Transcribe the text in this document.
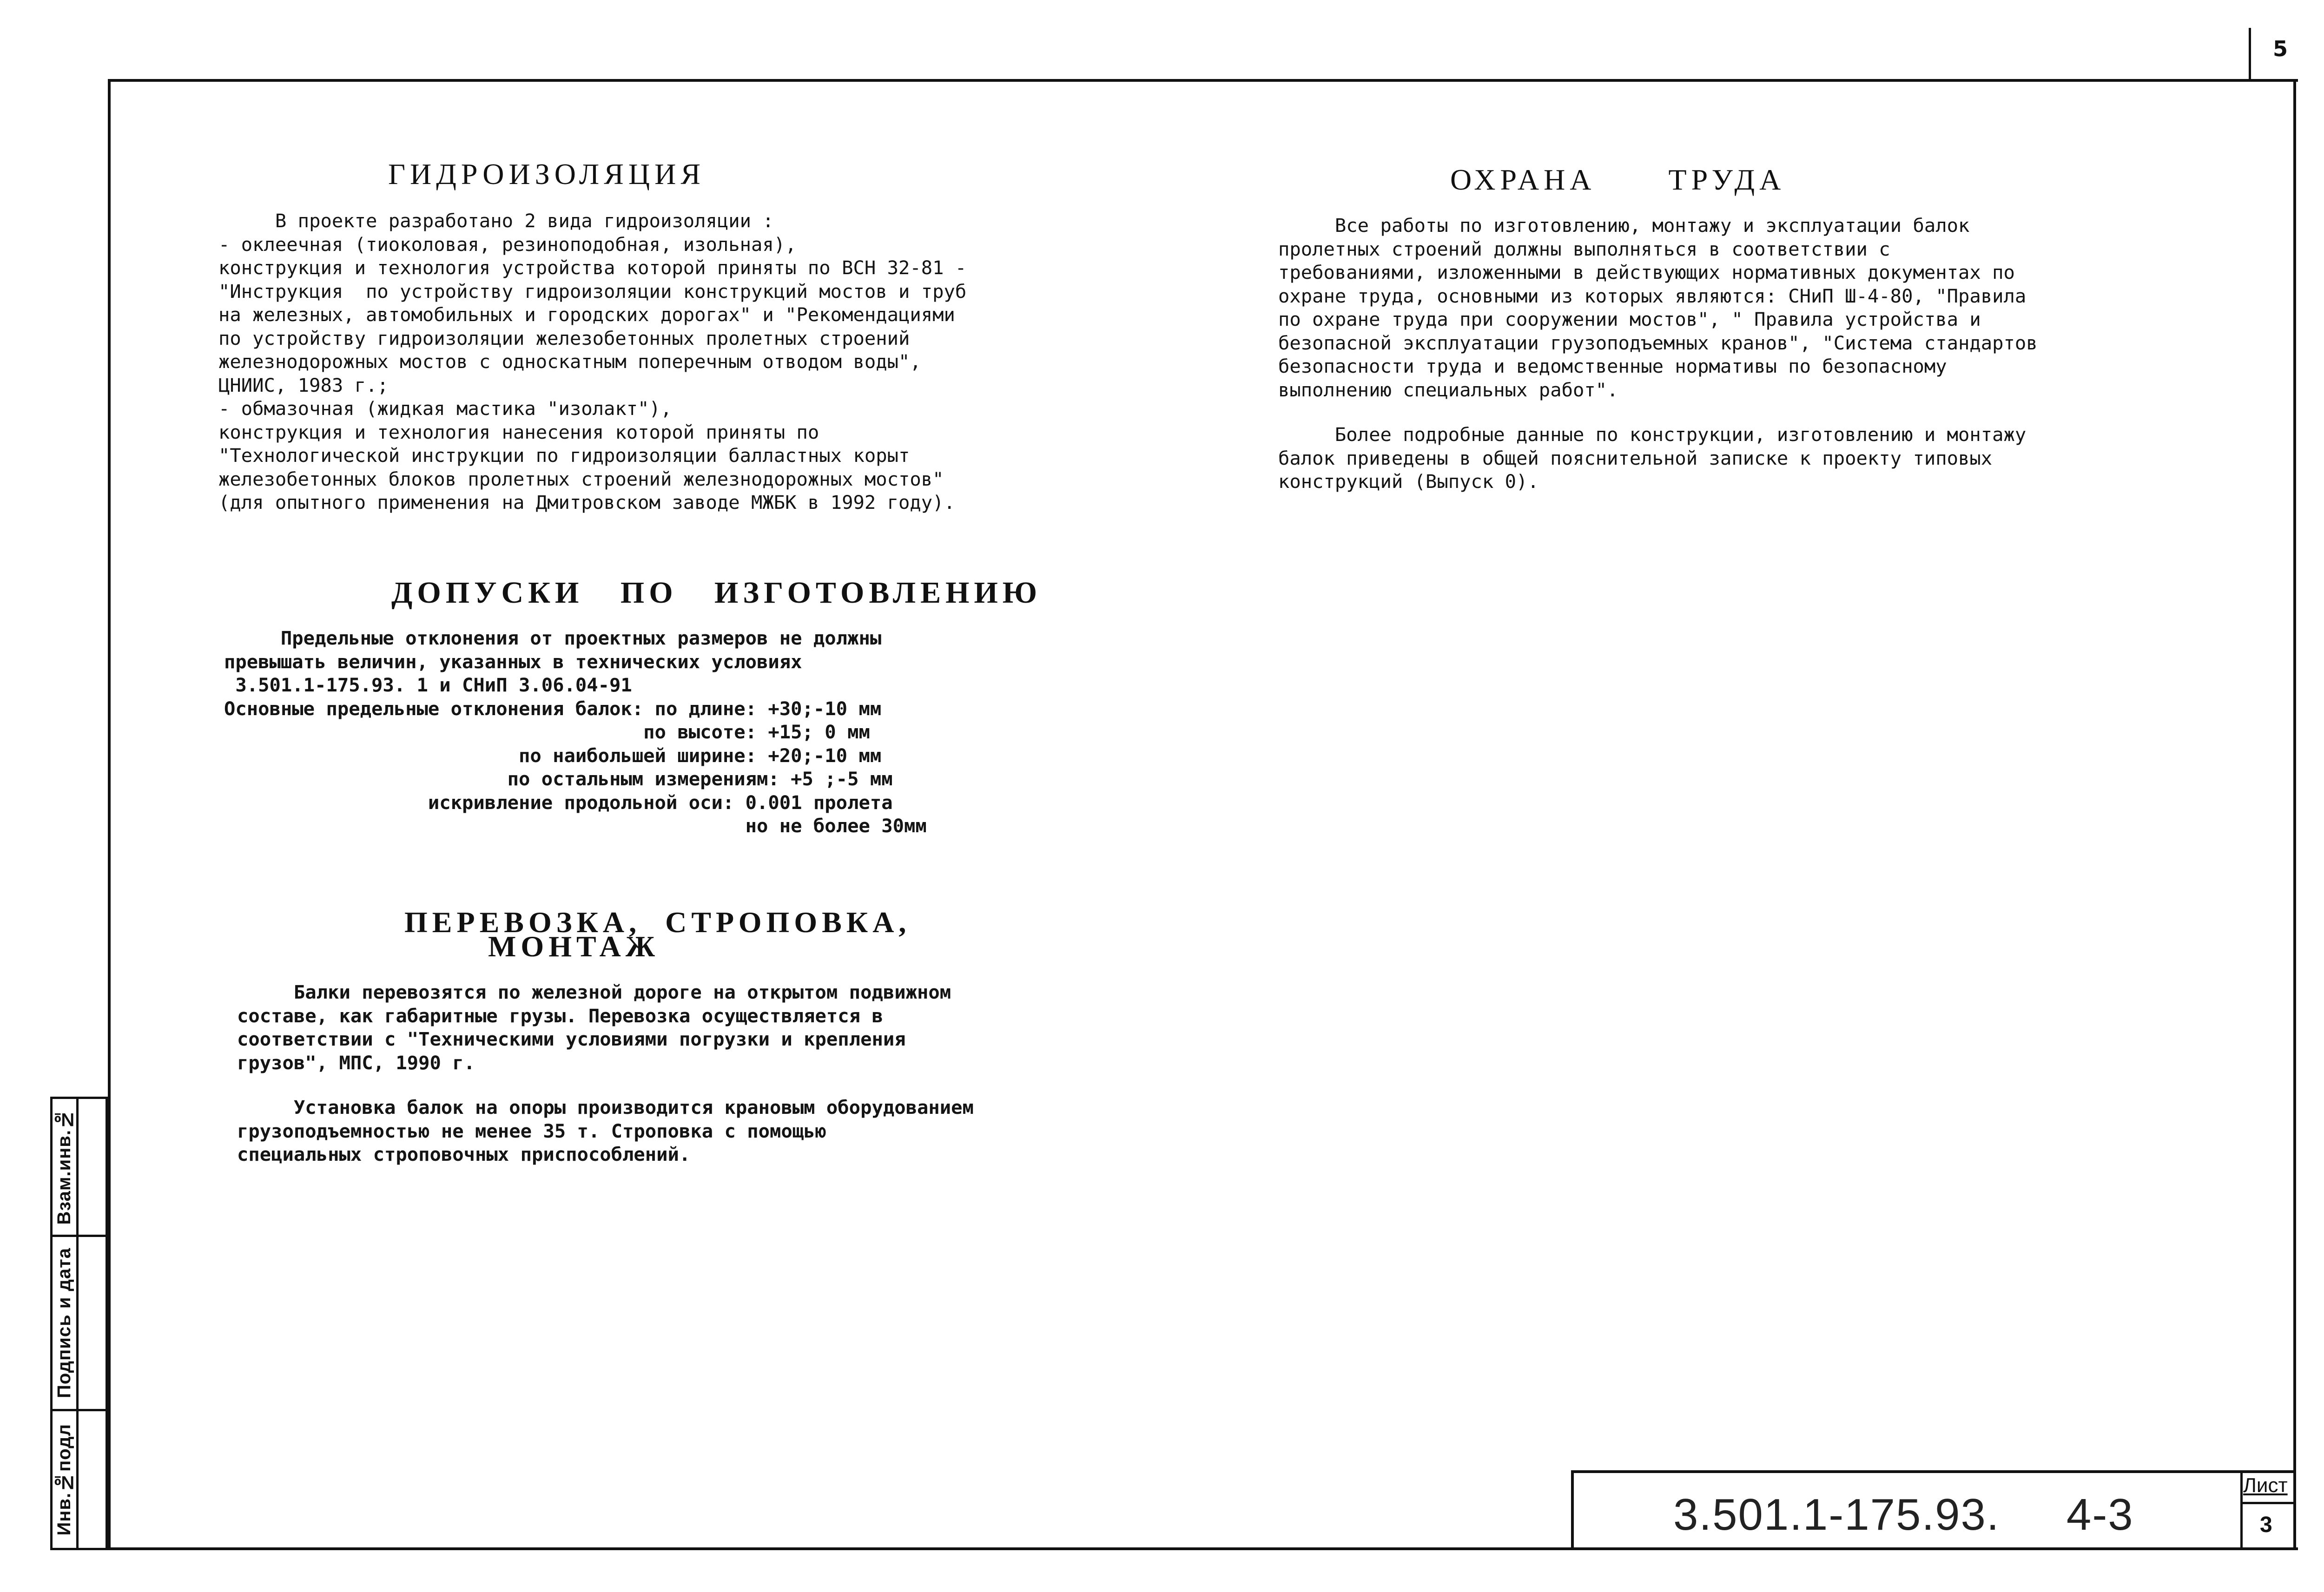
5
ГИДРОИЗОЛЯЦИЯ
В проекте разработано 2 вида гидроизоляции :
- оклеечная (тиоколовая, резиноподобная, изольная),
конструкция и технология устройства которой приняты по ВСН 32-81 -
"Инструкция  по устройству гидроизоляции конструкций мостов и труб
на железных, автомобильных и городских дорогах" и "Рекомендациями
по устройству гидроизоляции железобетонных пролетных строений
железнодорожных мостов с односкатным поперечным отводом воды",
ЦНИИС, 1983 г.;
- обмазочная (жидкая мастика "изолакт"),
конструкция и технология нанесения которой приняты по
"Технологической инструкции по гидроизоляции балластных корыт
железобетонных блоков пролетных строений железнодорожных мостов"
(для опытного применения на Дмитровском заводе МЖБК в 1992 году).
ДОПУСКИ   ПО   ИЗГОТОВЛЕНИЮ
Предельные отклонения от проектных размеров не должны
превышать величин, указанных в технических условиях
3.501.1-175.93. 1 и СНиП 3.06.04-91
Основные предельные отклонения балок: по длине: +30;-10 мм
по высоте: +15; 0 мм
по наибольшей ширине: +20;-10 мм
по остальным измерениям: +5 ;-5 мм
искривление продольной оси: 0.001 пролета
но не более 30мм
ПЕРЕВОЗКА,  СТРОПОВКА,
МОНТАЖ
Балки перевозятся по железной дороге на открытом подвижном
составе, как габаритные грузы. Перевозка осуществляется в
соответствии с "Техническими условиями погрузки и крепления
грузов", МПС, 1990 г.
Установка балок на опоры производится крановым оборудованием
грузоподъемностью не менее 35 т. Строповка с помощью
специальных строповочных приспособлений.
ОХРАНА      ТРУДА
Все работы по изготовлению, монтажу и эксплуатации балок
пролетных строений должны выполняться в соответствии с
требованиями, изложенными в действующих нормативных документах по
охране труда, основными из которых являются: СНиП Ш-4-80, "Правила
по охране труда при сооружении мостов", " Правила устройства и
безопасной эксплуатации грузоподъемных кранов", "Система стандартов
безопасности труда и ведомственные нормативы по безопасному
выполнению специальных работ".
Более подробные данные по конструкции, изготовлению и монтажу
балок приведены в общей пояснительной записке к проекту типовых
конструкций (Выпуск 0).
Взам.инв.№
Подпись и дата
Инв.№подл	3.501.1-175.93.     4-3
Лист
3
